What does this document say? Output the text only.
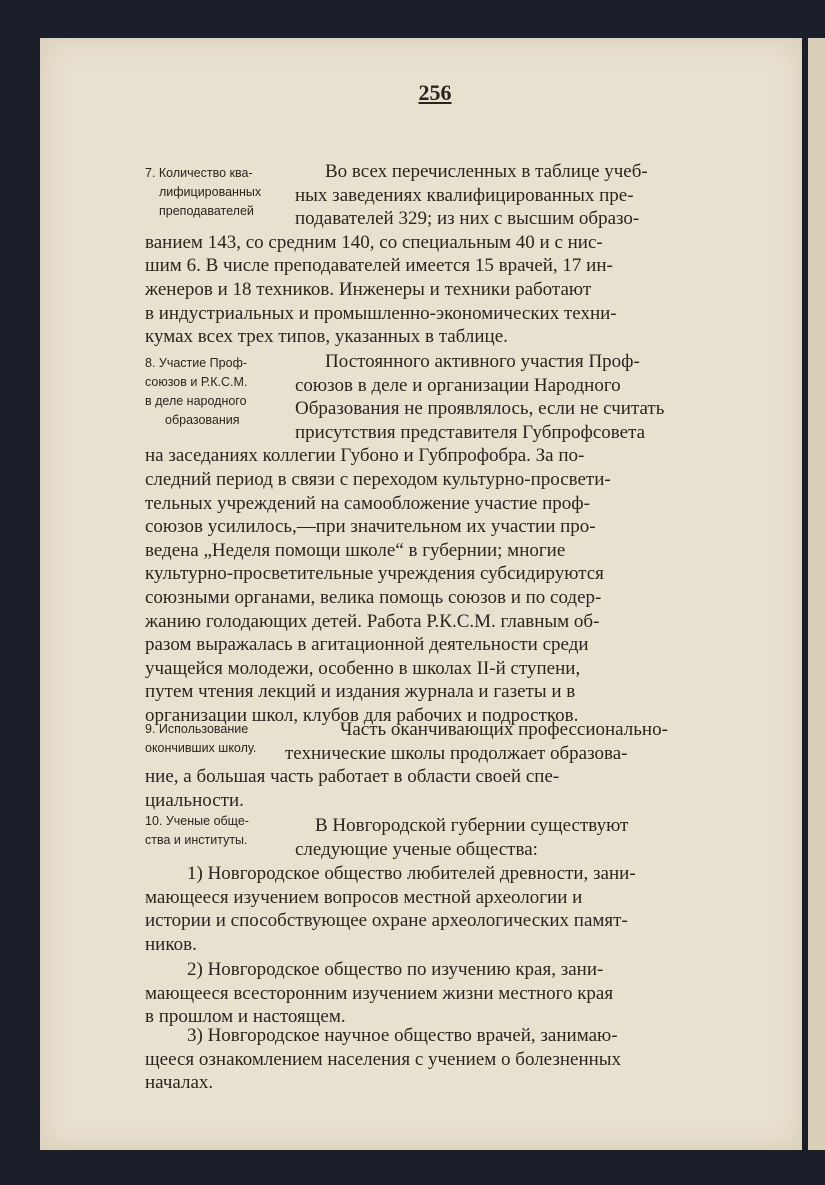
256
7. Количество ква-
лифицированных
преподавателей
Во всех перечисленных в таблице учеб-
ных заведениях квалифицированных пре-
подавателей 329; из них с высшим образо-
ванием 143, со средним 140, со специальным 40 и с нис-
шим 6. В числе преподавателей имеется 15 врачей, 17 ин-
женеров и 18 техников. Инженеры и техники работают
в индустриальных и промышленно-экономических техни-
кумах всех трех типов, указанных в таблице.
8. Участие Проф-
союзов и Р.К.С.М.
в деле народного
образования
Постоянного активного участия Проф-
союзов в деле и организации Народного
Образования не проявлялось, если не считать
присутствия представителя Губпрофсовета
на заседаниях коллегии Губоно и Губпрофобра. За по-
следний период в связи с переходом культурно-просвети-
тельных учреждений на самообложение участие проф-
союзов усилилось,—при значительном их участии про-
ведена „Неделя помощи школе“ в губернии; многие
культурно-просветительные учреждения субсидируются
союзными органами, велика помощь союзов и по содер-
жанию голодающих детей. Работа Р.К.С.М. главным об-
разом выражалась в агитационной деятельности среди
учащейся молодежи, особенно в школах II-й ступени,
путем чтения лекций и издания журнала и газеты и в
организации школ, клубов для рабочих и подростков.
9. Использование
окончивших школу.
Часть оканчивающих профессионально-
технические школы продолжает образова-
ние, а большая часть работает в области своей спе-
циальности.
10. Ученые обще-
ства и институты.
В Новгородской губернии существуют
следующие ученые общества:
1) Новгородское общество любителей древности, зани-
мающееся изучением вопросов местной археологии и
истории и способствующее охране археологических памят-
ников.
2) Новгородское общество по изучению края, зани-
мающееся всесторонним изучением жизни местного края
в прошлом и настоящем.
3) Новгородское научное общество врачей, занимаю-
щееся ознакомлением населения с учением о болезненных
началах.
